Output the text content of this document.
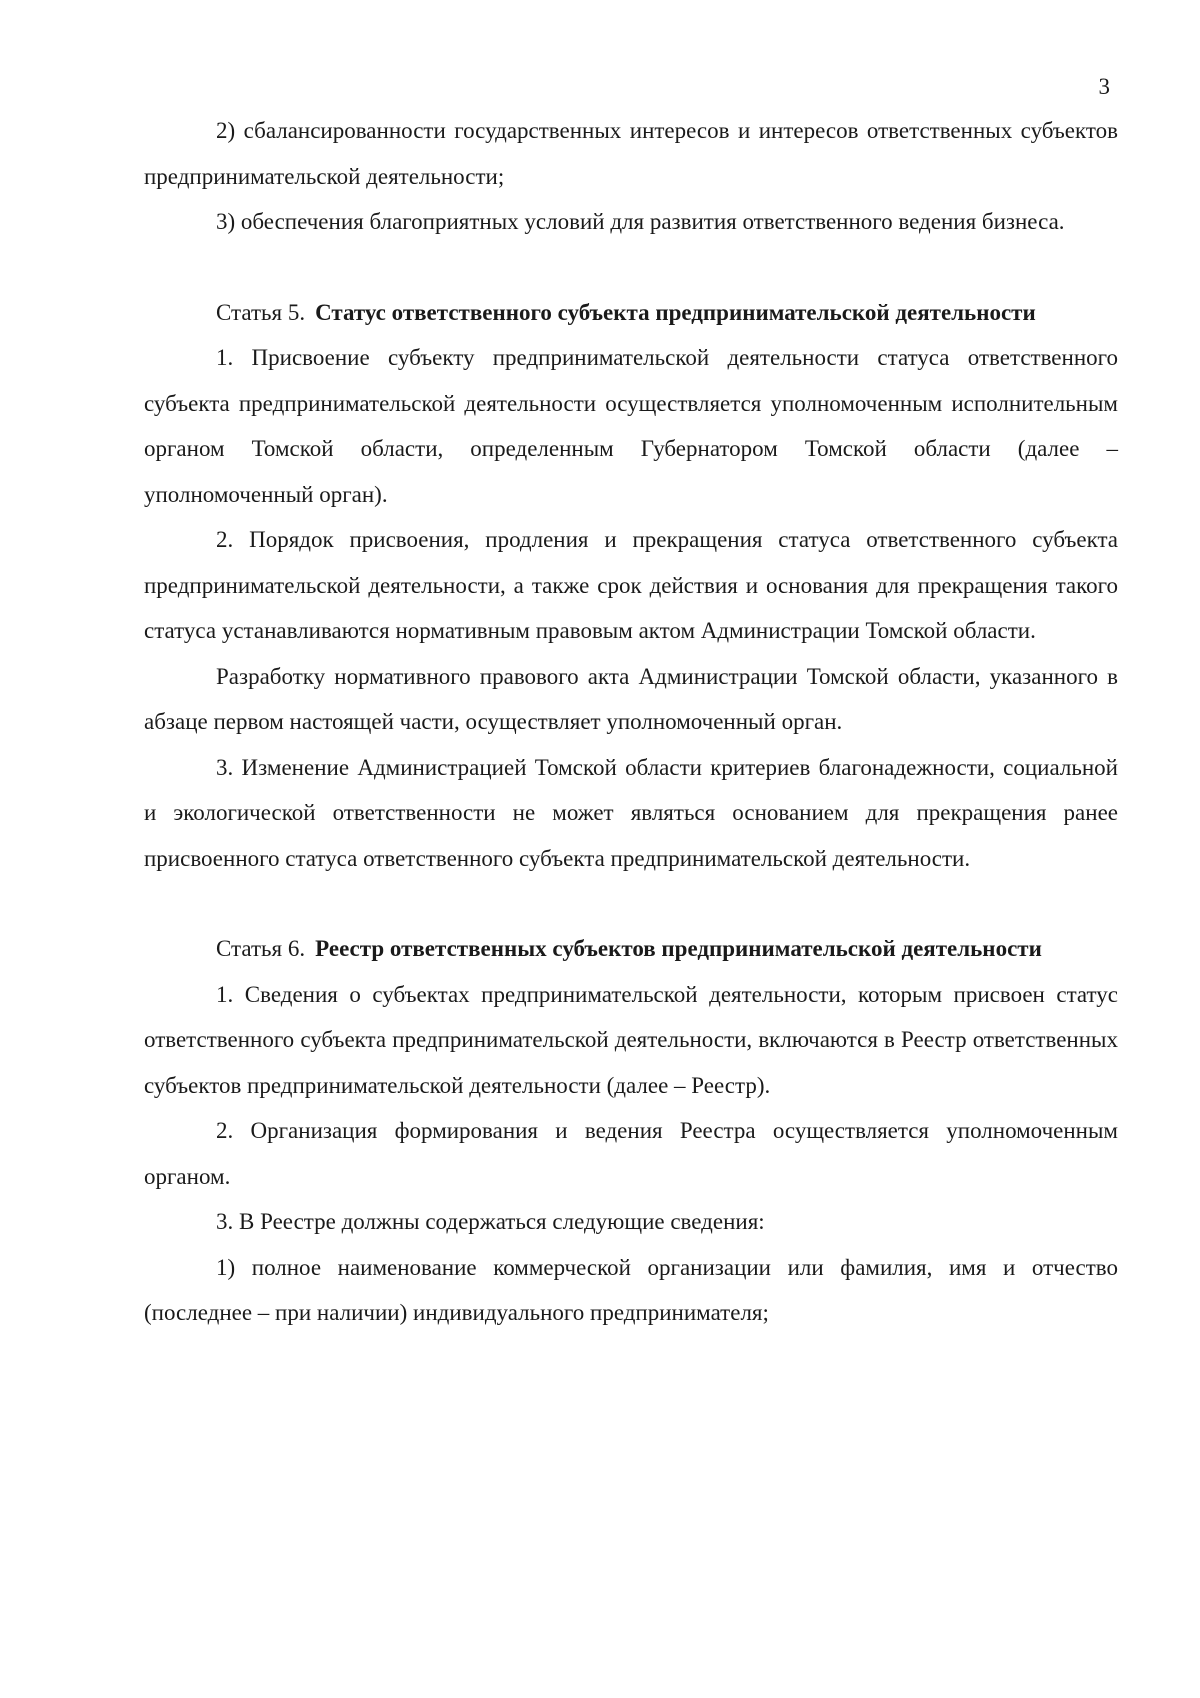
3

2) сбалансированности государственных интересов и интересов ответственных субъектов предпринимательской деятельности;

3) обеспечения благоприятных условий для развития ответственного ведения бизнеса.

Статья 5. Статус ответственного субъекта предпринимательской деятельности

1. Присвоение субъекту предпринимательской деятельности статуса ответственного субъекта предпринимательской деятельности осуществляется уполномоченным исполнительным органом Томской области, определенным Губернатором Томской области (далее – уполномоченный орган).

2. Порядок присвоения, продления и прекращения статуса ответственного субъекта предпринимательской деятельности, а также срок действия и основания для прекращения такого статуса устанавливаются нормативным правовым актом Администрации Томской области.

Разработку нормативного правового акта Администрации Томской области, указанного в абзаце первом настоящей части, осуществляет уполномоченный орган.

3. Изменение Администрацией Томской области критериев благонадежности, социальной и экологической ответственности не может являться основанием для прекращения ранее присвоенного статуса ответственного субъекта предпринимательской деятельности.

Статья 6. Реестр ответственных субъектов предпринимательской деятельности

1. Сведения о субъектах предпринимательской деятельности, которым присвоен статус ответственного субъекта предпринимательской деятельности, включаются в Реестр ответственных субъектов предпринимательской деятельности (далее – Реестр).

2. Организация формирования и ведения Реестра осуществляется уполномоченным органом.

3. В Реестре должны содержаться следующие сведения:

1) полное наименование коммерческой организации или фамилия, имя и отчество (последнее – при наличии) индивидуального предпринимателя;
